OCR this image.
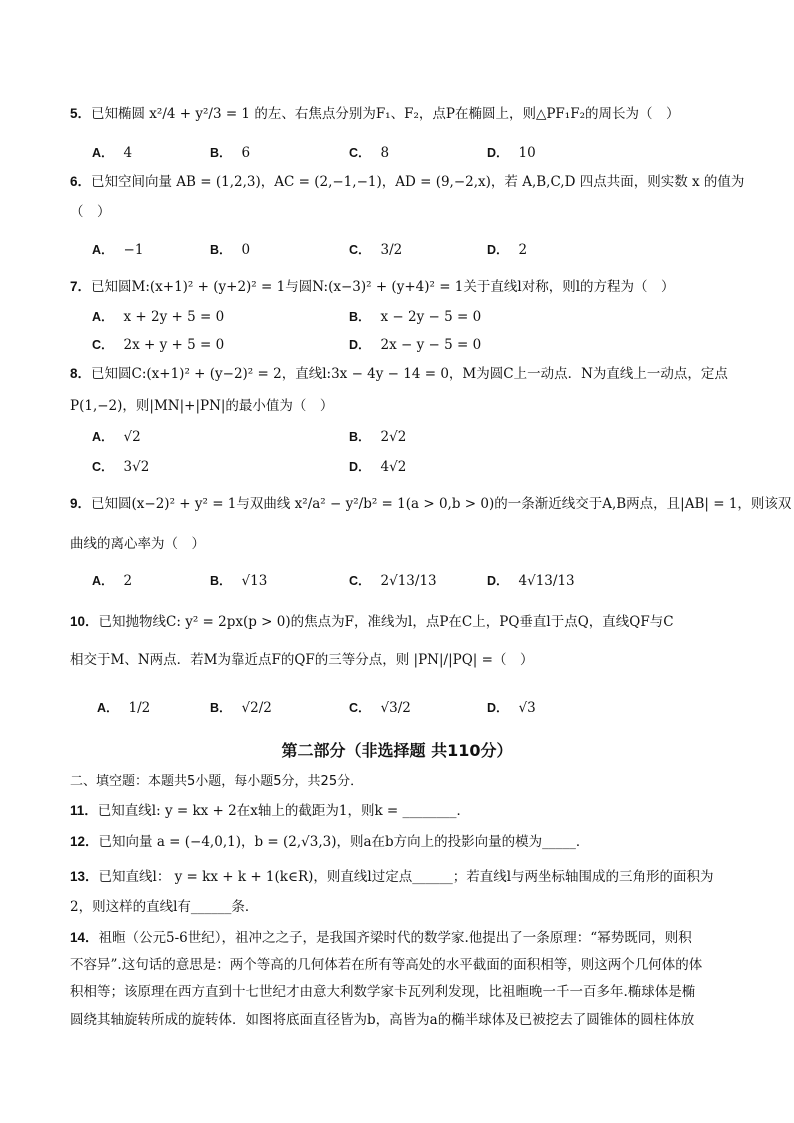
5．已知椭圆 x²/4 + y²/3 = 1 的左、右焦点分别为F₁、F₂，点P在椭圆上，则△PF₁F₂的周长为（　）
A． 4	B． 6	C． 8	D． 10
6．已知空间向量 AB = (1,2,3)，AC = (2,−1,−1)，AD = (9,−2,x)，若 A,B,C,D 四点共面，则实数 x 的值为
（　）
A． −1	B． 0	C． 3/2	D． 2
7．已知圆M:(x+1)² + (y+2)² = 1与圆N:(x−3)² + (y+4)² = 1关于直线l对称，则l的方程为（　）
A． x + 2y + 5 = 0	B． x − 2y − 5 = 0
C． 2x + y + 5 = 0	D． 2x − y − 5 = 0
8．已知圆C:(x+1)² + (y−2)² = 2，直线l:3x − 4y − 14 = 0，M为圆C上一动点．N为直线上一动点，定点
P(1,−2)，则|MN|+|PN|的最小值为（　）
A． √2	B． 2√2
C． 3√2	D． 4√2
9．已知圆(x−2)² + y² = 1与双曲线 x²/a² − y²/b² = 1(a > 0,b > 0)的一条渐近线交于A,B两点，且|AB| = 1，则该双
曲线的离心率为（　）
A． 2	B． √13	C． 2√13/13	D． 4√13/13
10．已知抛物线C: y² = 2px(p > 0)的焦点为F，准线为l，点P在C上，PQ垂直l于点Q，直线QF与C
相交于M、N两点．若M为靠近点F的QF的三等分点，则 |PN|/|PQ| =（　）
A． 1/2	B． √2/2	C． √3/2	D． √3
第二部分（非选择题 共110分）
二、填空题：本题共5小题，每小题5分，共25分．
11．已知直线l: y = kx + 2在x轴上的截距为1，则k = ________．
12．已知向量 a = (−4,0,1)，b = (2,√3,3)，则a在b方向上的投影向量的模为_____．
13．已知直线l： y = kx + k + 1(k∈R)，则直线l过定点______；若直线l与两坐标轴围成的三角形的面积为
2，则这样的直线l有______条．
14．祖暅（公元5-6世纪），祖冲之之子，是我国齐梁时代的数学家.他提出了一条原理：“幂势既同，则积
不容异”.这句话的意思是：两个等高的几何体若在所有等高处的水平截面的面积相等，则这两个几何体的体
积相等；该原理在西方直到十七世纪才由意大利数学家卡瓦列利发现，比祖暅晚一千一百多年.椭球体是椭
圆绕其轴旋转所成的旋转体．如图将底面直径皆为b，高皆为a的椭半球体及已被挖去了圆锥体的圆柱体放
